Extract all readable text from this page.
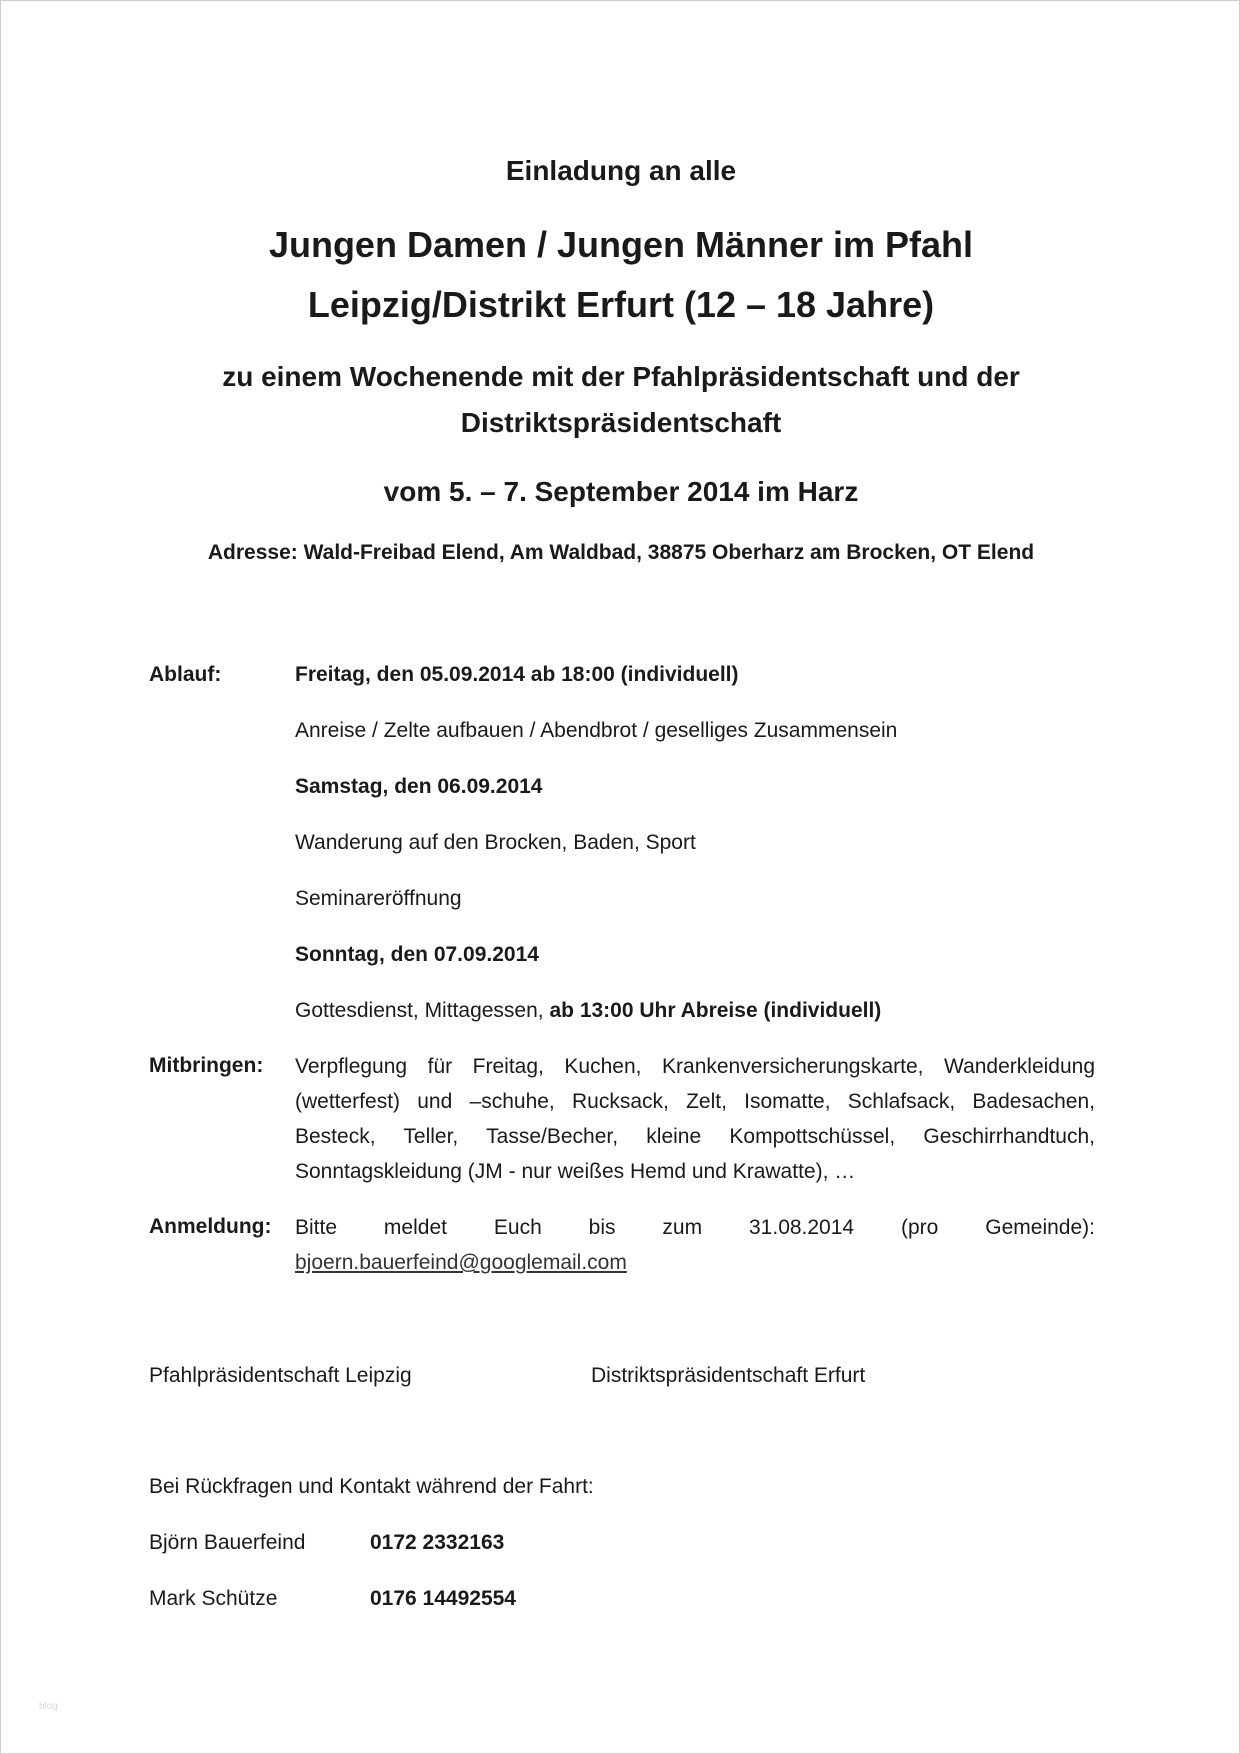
Einladung an alle

Jungen Damen / Jungen Männer im Pfahl

Leipzig/Distrikt Erfurt (12 – 18 Jahre)

zu einem Wochenende mit der Pfahlpräsidentschaft und der

Distriktspräsidentschaft

vom 5. – 7. September 2014 im Harz

Adresse: Wald-Freibad Elend, Am Waldbad, 38875 Oberharz am Brocken, OT Elend

Ablauf:	Freitag, den 05.09.2014 ab 18:00 (individuell)

Anreise / Zelte aufbauen / Abendbrot / geselliges Zusammensein

Samstag, den 06.09.2014

Wanderung auf den Brocken, Baden, Sport

Seminareröffnung

Sonntag, den 07.09.2014

Gottesdienst, Mittagessen, ab 13:00 Uhr Abreise (individuell)

Mitbringen: Verpflegung für Freitag, Kuchen, Krankenversicherungskarte, Wanderkleidung (wetterfest) und –schuhe, Rucksack, Zelt, Isomatte, Schlafsack, Badesachen, Besteck, Teller, Tasse/Becher, kleine Kompottschüssel, Geschirrhandtuch, Sonntagskleidung (JM - nur weißes Hemd und Krawatte), …

Anmeldung: Bitte meldet Euch bis zum 31.08.2014 (pro Gemeinde):
bjoern.bauerfeind@googlemail.com

Pfahlpräsidentschaft Leipzig	Distriktspräsidentschaft Erfurt

Bei Rückfragen und Kontakt während der Fahrt:

Björn Bauerfeind	0172 2332163

Mark Schütze	0176 14492554

blog
